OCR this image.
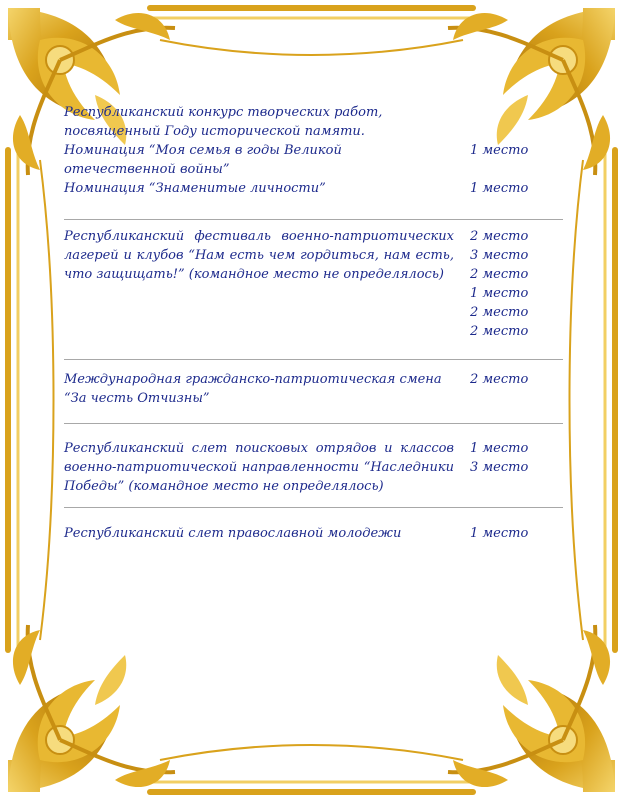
Республиканский конкурс творческих работ,
посвященный Году исторической памяти.
Номинация “Моя семья в годы Великой отечественной войны”
1 место
Номинация “Знаменитые личности”	1 место
Республиканский фестиваль военно-патриотических лагерей и клубов “Нам есть чем гордиться, нам есть, что защищать!” (командное место не определялось)
2 место
3 место
2 место
1 место
2 место
2 место
Международная гражданско-патриотическая смена “За честь Отчизны”
2 место
Республиканский слет поисковых отрядов и классов военно-патриотической направленности “Наследники Победы” (командное место не определялось)
1 место
3 место
Республиканский слет православной молодежи	1 место
